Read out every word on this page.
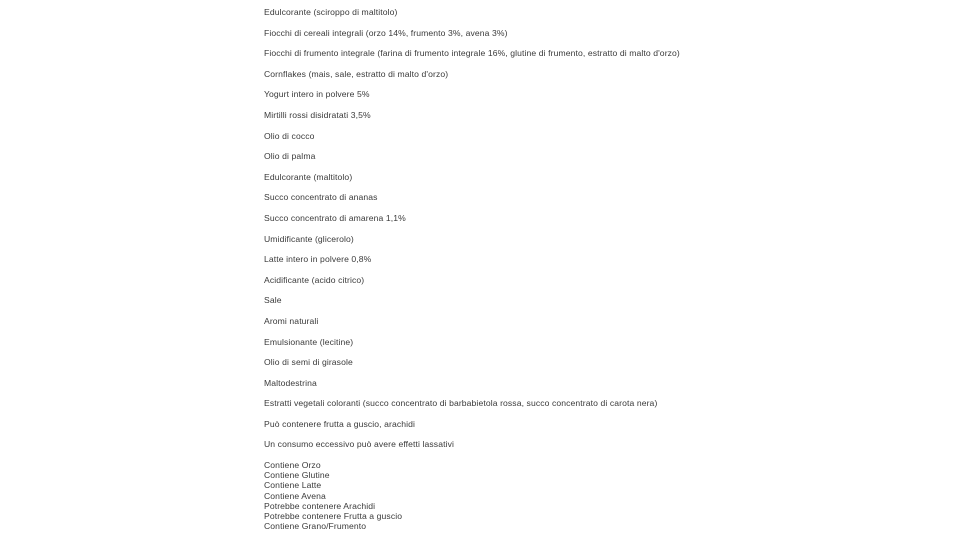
Edulcorante (sciroppo di maltitolo)
Fiocchi di cereali integrali (orzo 14%, frumento 3%, avena 3%)
Fiocchi di frumento integrale (farina di frumento integrale 16%, glutine di frumento, estratto di malto d'orzo)
Cornflakes (mais, sale, estratto di malto d'orzo)
Yogurt intero in polvere 5%
Mirtilli rossi disidratati 3,5%
Olio di cocco
Olio di palma
Edulcorante (maltitolo)
Succo concentrato di ananas
Succo concentrato di amarena 1,1%
Umidificante (glicerolo)
Latte intero in polvere 0,8%
Acidificante (acido citrico)
Sale
Aromi naturali
Emulsionante (lecitine)
Olio di semi di girasole
Maltodestrina
Estratti vegetali coloranti (succo concentrato di barbabietola rossa, succo concentrato di carota nera)
Può contenere frutta a guscio, arachidi
Un consumo eccessivo può avere effetti lassativi
Contiene Orzo
Contiene Glutine
Contiene Latte
Contiene Avena
Potrebbe contenere Arachidi
Potrebbe contenere Frutta a guscio
Contiene Grano/Frumento
